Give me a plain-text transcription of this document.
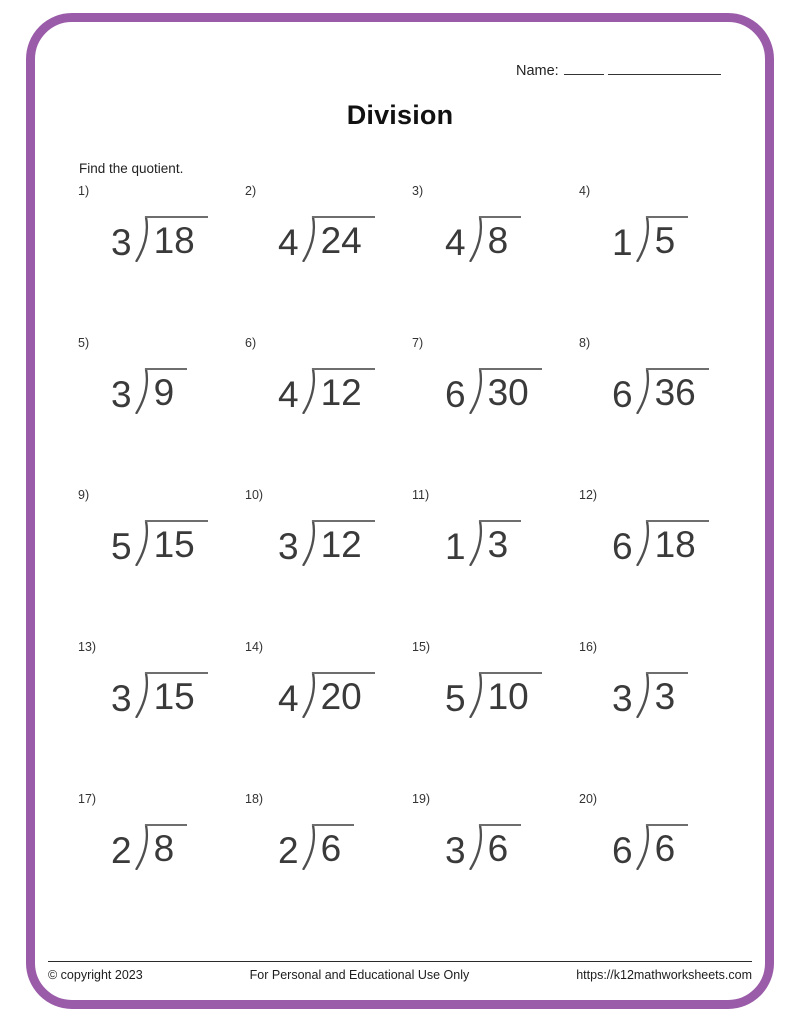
Name:
Division
Find the quotient.
1)
3 18
2)
4 24
3)
4 8
4)
1 5
5)
3 9
6)
4 12
7)
6 30
8)
6 36
9)
5 15
10)
3 12
11)
1 3
12)
6 18
13)
3 15
14)
4 20
15)
5 10
16)
3 3
17)
2 8
18)
2 6
19)
3 6
20)
6 6
© copyright 2023	For Personal and Educational Use Only	https://k12mathworksheets.com
